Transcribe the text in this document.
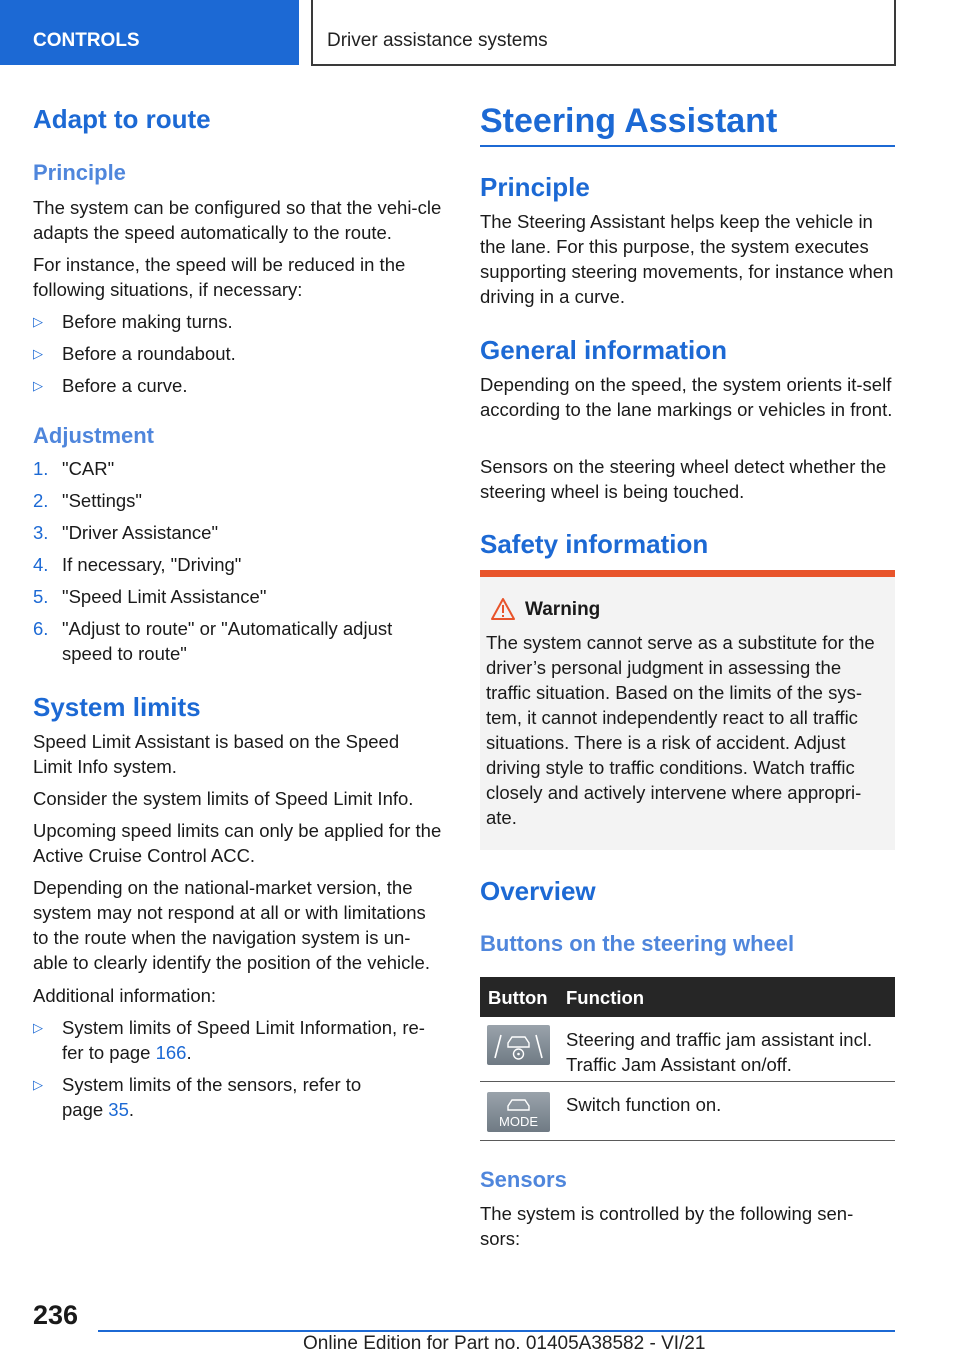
CONTROLS	Driver assistance systems
Adapt to route
Principle
The system can be configured so that the vehi-cle adapts the speed automatically to the route.
For instance, the speed will be reduced in the following situations, if necessary:
▷ Before making turns.
▷ Before a roundabout.
▷ Before a curve.
Adjustment
1. "CAR"
2. "Settings"
3. "Driver Assistance"
4. If necessary, "Driving"
5. "Speed Limit Assistance"
6. "Adjust to route" or "Automatically adjust speed to route"
System limits
Speed Limit Assistant is based on the Speed Limit Info system.
Consider the system limits of Speed Limit Info.
Upcoming speed limits can only be applied for the Active Cruise Control ACC.
Depending on the national-market version, the system may not respond at all or with limitations to the route when the navigation system is un-able to clearly identify the position of the vehicle.
Additional information:
▷ System limits of Speed Limit Information, re-fer to page 166.
▷ System limits of the sensors, refer to page 35.
Steering Assistant
Principle
The Steering Assistant helps keep the vehicle in the lane. For this purpose, the system executes supporting steering movements, for instance when driving in a curve.
General information
Depending on the speed, the system orients it-self according to the lane markings or vehicles in front.
Sensors on the steering wheel detect whether the steering wheel is being touched.
Safety information
Warning
The system cannot serve as a substitute for the driver’s personal judgment in assessing the traffic situation. Based on the limits of the sys-tem, it cannot independently react to all traffic situations. There is a risk of accident. Adjust driving style to traffic conditions. Watch traffic closely and actively intervene where appropri-ate.
Overview
Buttons on the steering wheel
Button Function
Steering and traffic jam assistant incl. Traffic Jam Assistant on/off.
MODE
Switch function on.
Sensors
The system is controlled by the following sen-sors:
236
Online Edition for Part no. 01405A38582 - VI/21
